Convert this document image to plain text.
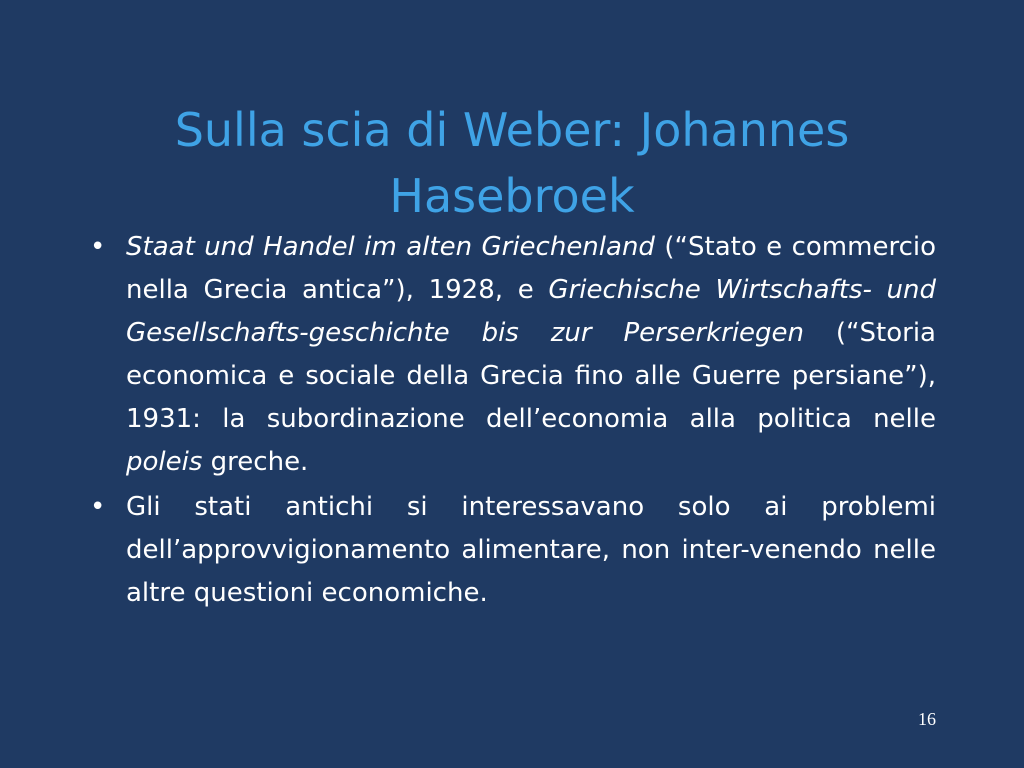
Sulla scia di Weber: Johannes
Hasebroek
• Staat und Handel im alten Griechenland (“Stato e commercio nella Grecia antica”), 1928, e Griechische Wirtschafts- und Gesellschafts-geschichte bis zur Perserkriegen (“Storia economica e sociale della Grecia fino alle Guerre persiane”), 1931: la subordinazione dell’economia alla politica nelle poleis greche.
• Gli stati antichi si interessavano solo ai problemi dell’approvvigionamento alimentare, non inter-venendo nelle altre questioni economiche.
16
